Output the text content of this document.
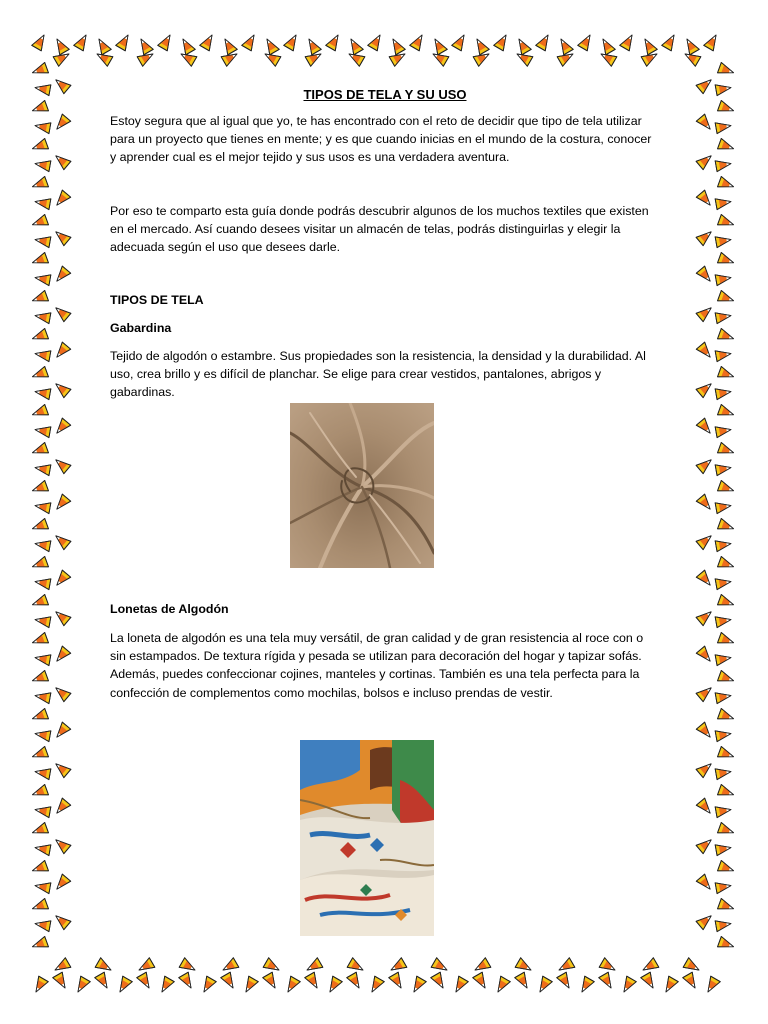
TIPOS DE TELA Y SU USO

Estoy segura que al igual que yo, te has encontrado con el reto de decidir que tipo de tela utilizar para un proyecto que tienes en mente; y es que cuando inicias en el mundo de la costura, conocer y aprender cual es el mejor tejido y sus usos es una verdadera aventura.

Por eso te comparto esta guía donde podrás descubrir algunos de los muchos textiles que existen en el mercado. Así cuando desees visitar un almacén de telas, podrás distinguirlas y elegir la adecuada según el uso que desees darle.

TIPOS DE TELA
Gabardina

Tejido de algodón o estambre. Sus propiedades son la resistencia, la densidad y la durabilidad. Al uso, crea brillo y es difícil de planchar. Se elige para crear vestidos, pantalones, abrigos y gabardinas.

Lonetas de Algodón

La loneta de algodón es una tela muy versátil, de gran calidad y de gran resistencia al roce con o sin estampados. De textura rígida y pesada se utilizan para decoración del hogar y tapizar sofás. Además, puedes confeccionar cojines, manteles y cortinas. También es una tela perfecta para la confección de complementos como mochilas, bolsos e incluso prendas de vestir.
